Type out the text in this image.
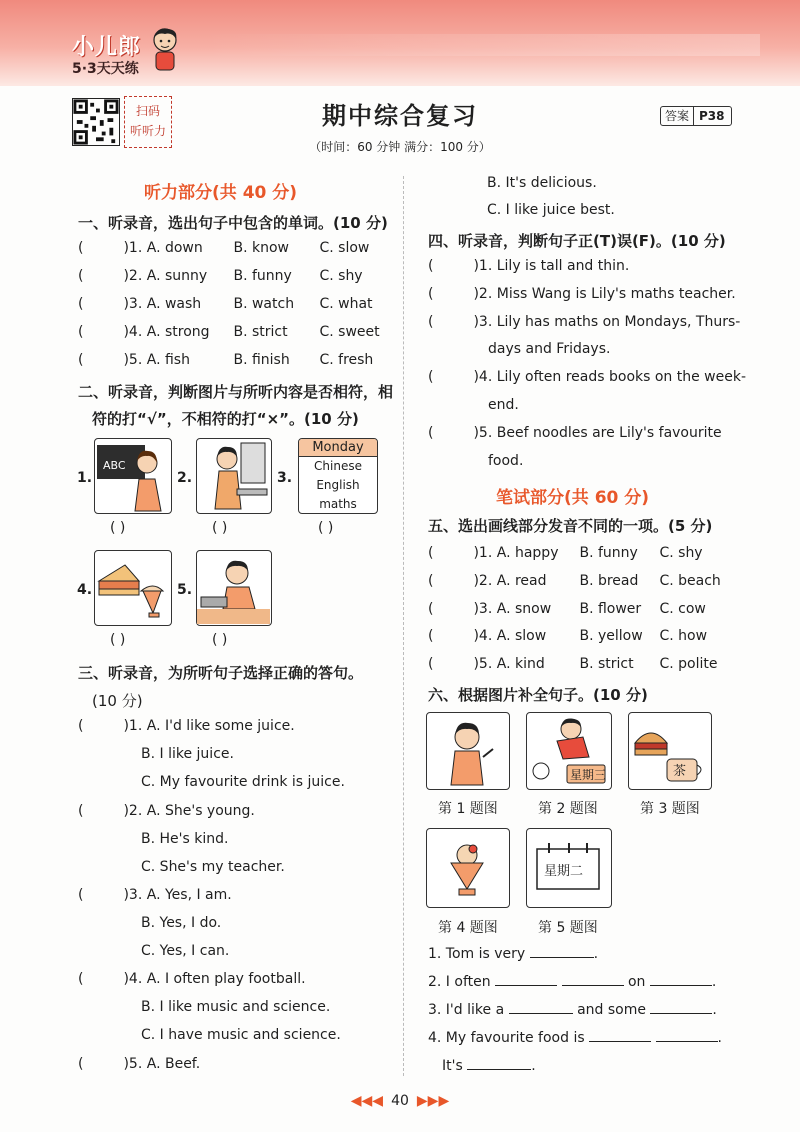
小儿郎
5·3天天练
扫码
听听力
期中综合复习
（时间：60 分钟 满分：100 分）
答案 P38
听力部分(共 40 分)
一、听录音，选出句子中包含的单词。(10 分)
(	)1. A. down B. know C. slow
(	)2. A. sunny B. funny C. shy
(	)3. A. wash B. watch C. what
(	)4. A. strong B. strict C. sweet
(	)5. A. fish	B. finish C. fresh
二、听录音，判断图片与所听内容是否相符，相
符的打“√”，不相符的打“×”。(10 分)
1.
ABC
( )
2.
( )
3.
Monday
Chinese
English
maths
( )
4.
( )
5.
( )
三、听录音，为所听句子选择正确的答句。
(10 分)
(	)1. A. I'd like some juice.
B. I like juice.
C. My favourite drink is juice.
(	)2. A. She's young.
B. He's kind.
C. She's my teacher.
(	)3. A. Yes, I am.
B. Yes, I do.
C. Yes, I can.
(	)4. A. I often play football.
B. I like music and science.
C. I have music and science.
(	)5. A. Beef.
B. It's delicious.
C. I like juice best.
四、听录音，判断句子正(T)误(F)。(10 分)
(	)1. Lily is tall and thin.
(	)2. Miss Wang is Lily's maths teacher.
(	)3. Lily has maths on Mondays, Thurs-
days and Fridays.
(	)4. Lily often reads books on the week-
end.
(	)5. Beef noodles are Lily's favourite
food.
笔试部分(共 60 分)
五、选出画线部分发音不同的一项。(5 分)
(	)1. A. happy B. funny C. shy
(	)2. A. read B. bread C. beach
(	)3. A. snow B. flower C. cow
(	)4. A. slow B. yellow C. how
(	)5. A. kind B. strict C. polite
六、根据图片补全句子。(10 分)
星期三	茶
第 1 题图	第 2 题图	第 3 题图
星期二
第 4 题图	第 5 题图
1. Tom is very	.
2. I often	on	.
3. I'd like a	and some	.
4. My favourite food is	.
It's	.
◀◀◀ 40 ▶▶▶
